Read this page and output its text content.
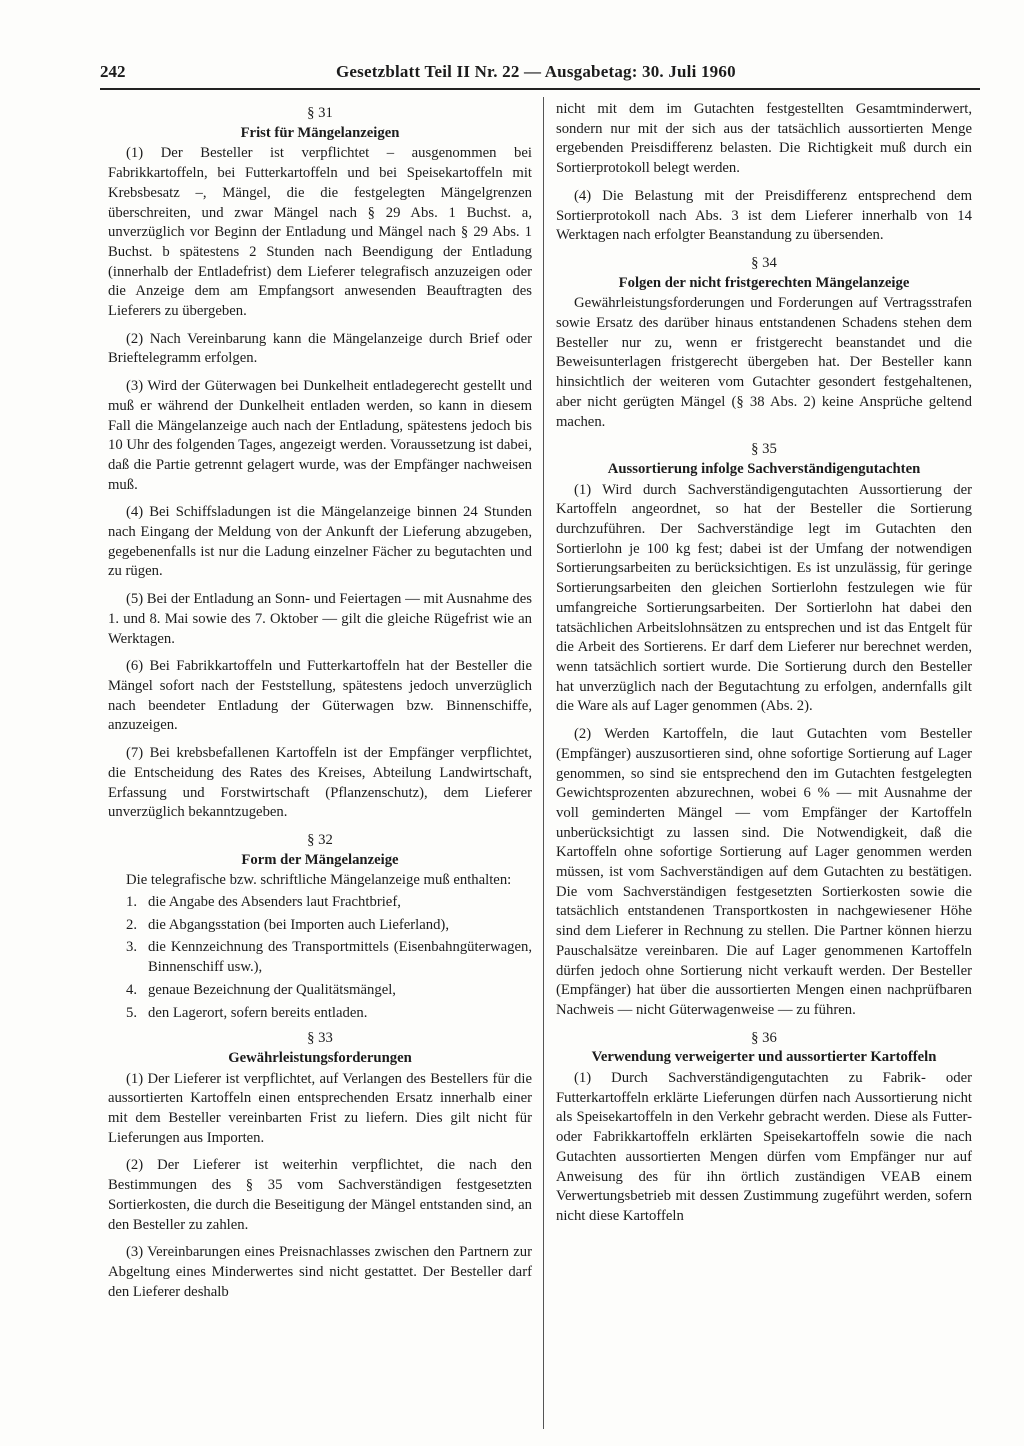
242	Gesetzblatt Teil II Nr. 22 — Ausgabetag: 30. Juli 1960
§ 31
Frist für Mängelanzeigen

(1) Der Besteller ist verpflichtet – ausgenommen bei Fabrikkartoffeln, bei Futterkartoffeln und bei Speisekartoffeln mit Krebsbesatz –, Mängel, die die festgelegten Mängelgrenzen überschreiten, und zwar Mängel nach § 29 Abs. 1 Buchst. a, unverzüglich vor Beginn der Entladung und Mängel nach § 29 Abs. 1 Buchst. b spätestens 2 Stunden nach Beendigung der Entladung (innerhalb der Entladefrist) dem Lieferer telegrafisch anzuzeigen oder die Anzeige dem am Empfangsort anwesenden Beauftragten des Lieferers zu übergeben.

(2) Nach Vereinbarung kann die Mängelanzeige durch Brief oder Brieftelegramm erfolgen.

(3) Wird der Güterwagen bei Dunkelheit entladegerecht gestellt und muß er während der Dunkelheit entladen werden, so kann in diesem Fall die Mängelanzeige auch nach der Entladung, spätestens jedoch bis 10 Uhr des folgenden Tages, angezeigt werden. Voraussetzung ist dabei, daß die Partie getrennt gelagert wurde, was der Empfänger nachweisen muß.

(4) Bei Schiffsladungen ist die Mängelanzeige binnen 24 Stunden nach Eingang der Meldung von der Ankunft der Lieferung abzugeben, gegebenenfalls ist nur die Ladung einzelner Fächer zu begutachten und zu rügen.

(5) Bei der Entladung an Sonn- und Feiertagen — mit Ausnahme des 1. und 8. Mai sowie des 7. Oktober — gilt die gleiche Rügefrist wie an Werktagen.

(6) Bei Fabrikkartoffeln und Futterkartoffeln hat der Besteller die Mängel sofort nach der Feststellung, spätestens jedoch unverzüglich nach beendeter Entladung der Güterwagen bzw. Binnenschiffe, anzuzeigen.

(7) Bei krebsbefallenen Kartoffeln ist der Empfänger verpflichtet, die Entscheidung des Rates des Kreises, Abteilung Landwirtschaft, Erfassung und Forstwirtschaft (Pflanzenschutz), dem Lieferer unverzüglich bekanntzugeben.

§ 32
Form der Mängelanzeige

Die telegrafische bzw. schriftliche Mängelanzeige muß enthalten:

1. die Angabe des Absenders laut Frachtbrief,
2. die Abgangsstation (bei Importen auch Lieferland),
3. die Kennzeichnung des Transportmittels (Eisenbahngüterwagen, Binnenschiff usw.),
4. genaue Bezeichnung der Qualitätsmängel,
5. den Lagerort, sofern bereits entladen.
§ 33
Gewährleistungsforderungen

(1) Der Lieferer ist verpflichtet, auf Verlangen des Bestellers für die aussortierten Kartoffeln einen entsprechenden Ersatz innerhalb einer mit dem Besteller vereinbarten Frist zu liefern. Dies gilt nicht für Lieferungen aus Importen.

(2) Der Lieferer ist weiterhin verpflichtet, die nach den Bestimmungen des § 35 vom Sachverständigen festgesetzten Sortierkosten, die durch die Beseitigung der Mängel entstanden sind, an den Besteller zu zahlen.

(3) Vereinbarungen eines Preisnachlasses zwischen den Partnern zur Abgeltung eines Minderwertes sind nicht gestattet. Der Besteller darf den Lieferer deshalb

nicht mit dem im Gutachten festgestellten Gesamtminderwert, sondern nur mit der sich aus der tatsächlich aussortierten Menge ergebenden Preisdifferenz belasten. Die Richtigkeit muß durch ein Sortierprotokoll belegt werden.

(4) Die Belastung mit der Preisdifferenz entsprechend dem Sortierprotokoll nach Abs. 3 ist dem Lieferer innerhalb von 14 Werktagen nach erfolgter Beanstandung zu übersenden.

§ 34
Folgen der nicht fristgerechten Mängelanzeige

Gewährleistungsforderungen und Forderungen auf Vertragsstrafen sowie Ersatz des darüber hinaus entstandenen Schadens stehen dem Besteller nur zu, wenn er fristgerecht beanstandet und die Beweisunterlagen fristgerecht übergeben hat. Der Besteller kann hinsichtlich der weiteren vom Gutachter gesondert festgehaltenen, aber nicht gerügten Mängel (§ 38 Abs. 2) keine Ansprüche geltend machen.

§ 35
Aussortierung infolge Sachverständigengutachten

(1) Wird durch Sachverständigengutachten Aussortierung der Kartoffeln angeordnet, so hat der Besteller die Sortierung durchzuführen. Der Sachverständige legt im Gutachten den Sortierlohn je 100 kg fest; dabei ist der Umfang der notwendigen Sortierungsarbeiten zu berücksichtigen. Es ist unzulässig, für geringe Sortierungsarbeiten den gleichen Sortierlohn festzulegen wie für umfangreiche Sortierungsarbeiten. Der Sortierlohn hat dabei den tatsächlichen Arbeitslohnsätzen zu entsprechen und ist das Entgelt für die Arbeit des Sortierens. Er darf dem Lieferer nur berechnet werden, wenn tatsächlich sortiert wurde. Die Sortierung durch den Besteller hat unverzüglich nach der Begutachtung zu erfolgen, andernfalls gilt die Ware als auf Lager genommen (Abs. 2).

(2) Werden Kartoffeln, die laut Gutachten vom Besteller (Empfänger) auszusortieren sind, ohne sofortige Sortierung auf Lager genommen, so sind sie entsprechend den im Gutachten festgelegten Gewichtsprozenten abzurechnen, wobei 6 % — mit Ausnahme der voll geminderten Mängel — vom Empfänger der Kartoffeln unberücksichtigt zu lassen sind. Die Notwendigkeit, daß die Kartoffeln ohne sofortige Sortierung auf Lager genommen werden müssen, ist vom Sachverständigen auf dem Gutachten zu bestätigen. Die vom Sachverständigen festgesetzten Sortierkosten sowie die tatsächlich entstandenen Transportkosten in nachgewiesener Höhe sind dem Lieferer in Rechnung zu stellen. Die Partner können hierzu Pauschalsätze vereinbaren. Die auf Lager genommenen Kartoffeln dürfen jedoch ohne Sortierung nicht verkauft werden. Der Besteller (Empfänger) hat über die aussortierten Mengen einen nachprüfbaren Nachweis — nicht Güterwagenweise — zu führen.

§ 36
Verwendung verweigerter und aussortierter Kartoffeln

(1) Durch Sachverständigengutachten zu Fabrik- oder Futterkartoffeln erklärte Lieferungen dürfen nach Aussortierung nicht als Speisekartoffeln in den Verkehr gebracht werden. Diese als Futter- oder Fabrikkartoffeln erklärten Speisekartoffeln sowie die nach Gutachten aussortierten Mengen dürfen vom Empfänger nur auf Anweisung des für ihn örtlich zuständigen VEAB einem Verwertungsbetrieb mit dessen Zustimmung zugeführt werden, sofern nicht diese Kartoffeln
